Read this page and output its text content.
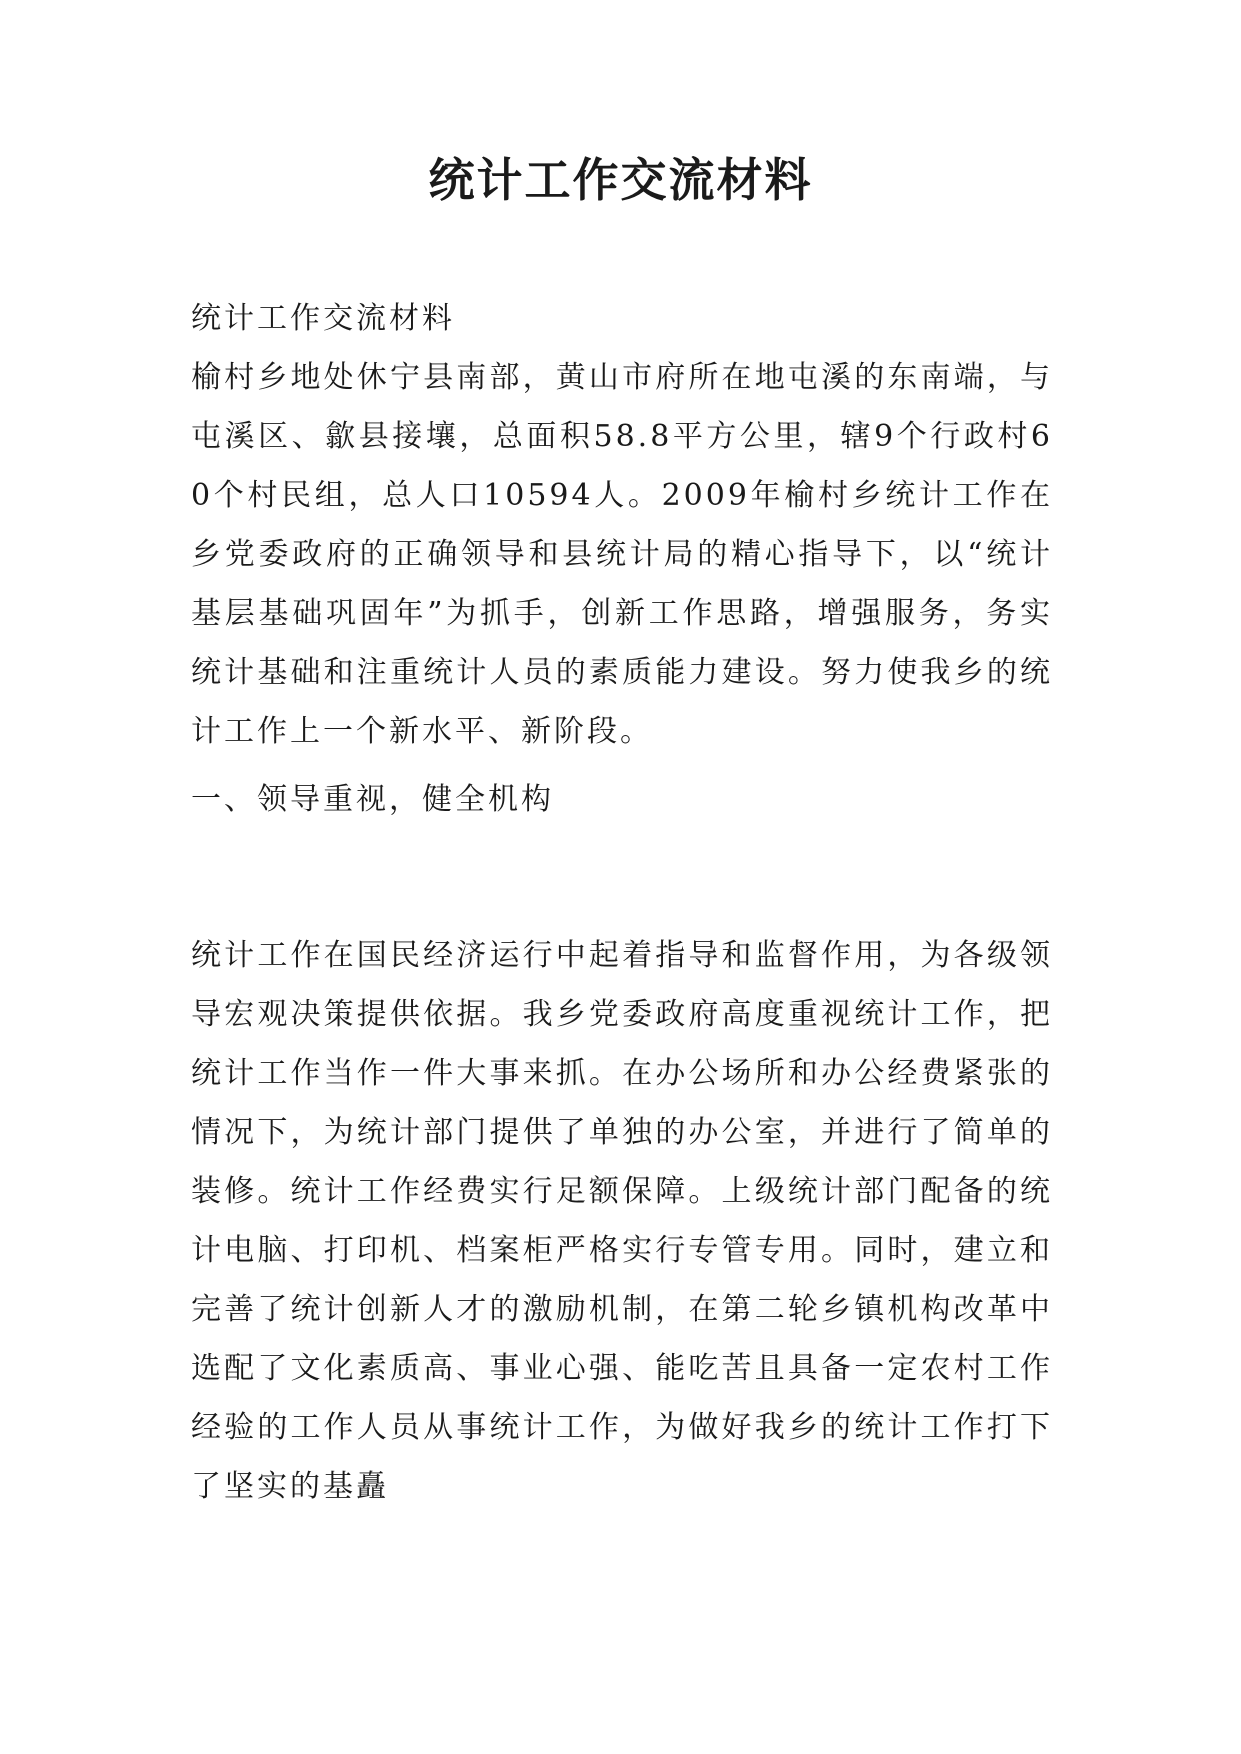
统计工作交流材料

统计工作交流材料

榆村乡地处休宁县南部，黄山市府所在地屯溪的东南端，与屯溪区、歙县接壤，总面积58.8平方公里，辖9个行政村60个村民组，总人口10594人。2009年榆村乡统计工作在乡党委政府的正确领导和县统计局的精心指导下，以“统计基层基础巩固年”为抓手，创新工作思路，增强服务，务实统计基础和注重统计人员的素质能力建设。努力使我乡的统计工作上一个新水平、新阶段。

一、领导重视，健全机构

统计工作在国民经济运行中起着指导和监督作用，为各级领导宏观决策提供依据。我乡党委政府高度重视统计工作，把统计工作当作一件大事来抓。在办公场所和办公经费紧张的情况下，为统计部门提供了单独的办公室，并进行了简单的装修。统计工作经费实行足额保障。上级统计部门配备的统计电脑、打印机、档案柜严格实行专管专用。同时，建立和完善了统计创新人才的激励机制，在第二轮乡镇机构改革中选配了文化素质高、事业心强、能吃苦且具备一定农村工作经验的工作人员从事统计工作，为做好我乡的统计工作打下了坚实的基矗
